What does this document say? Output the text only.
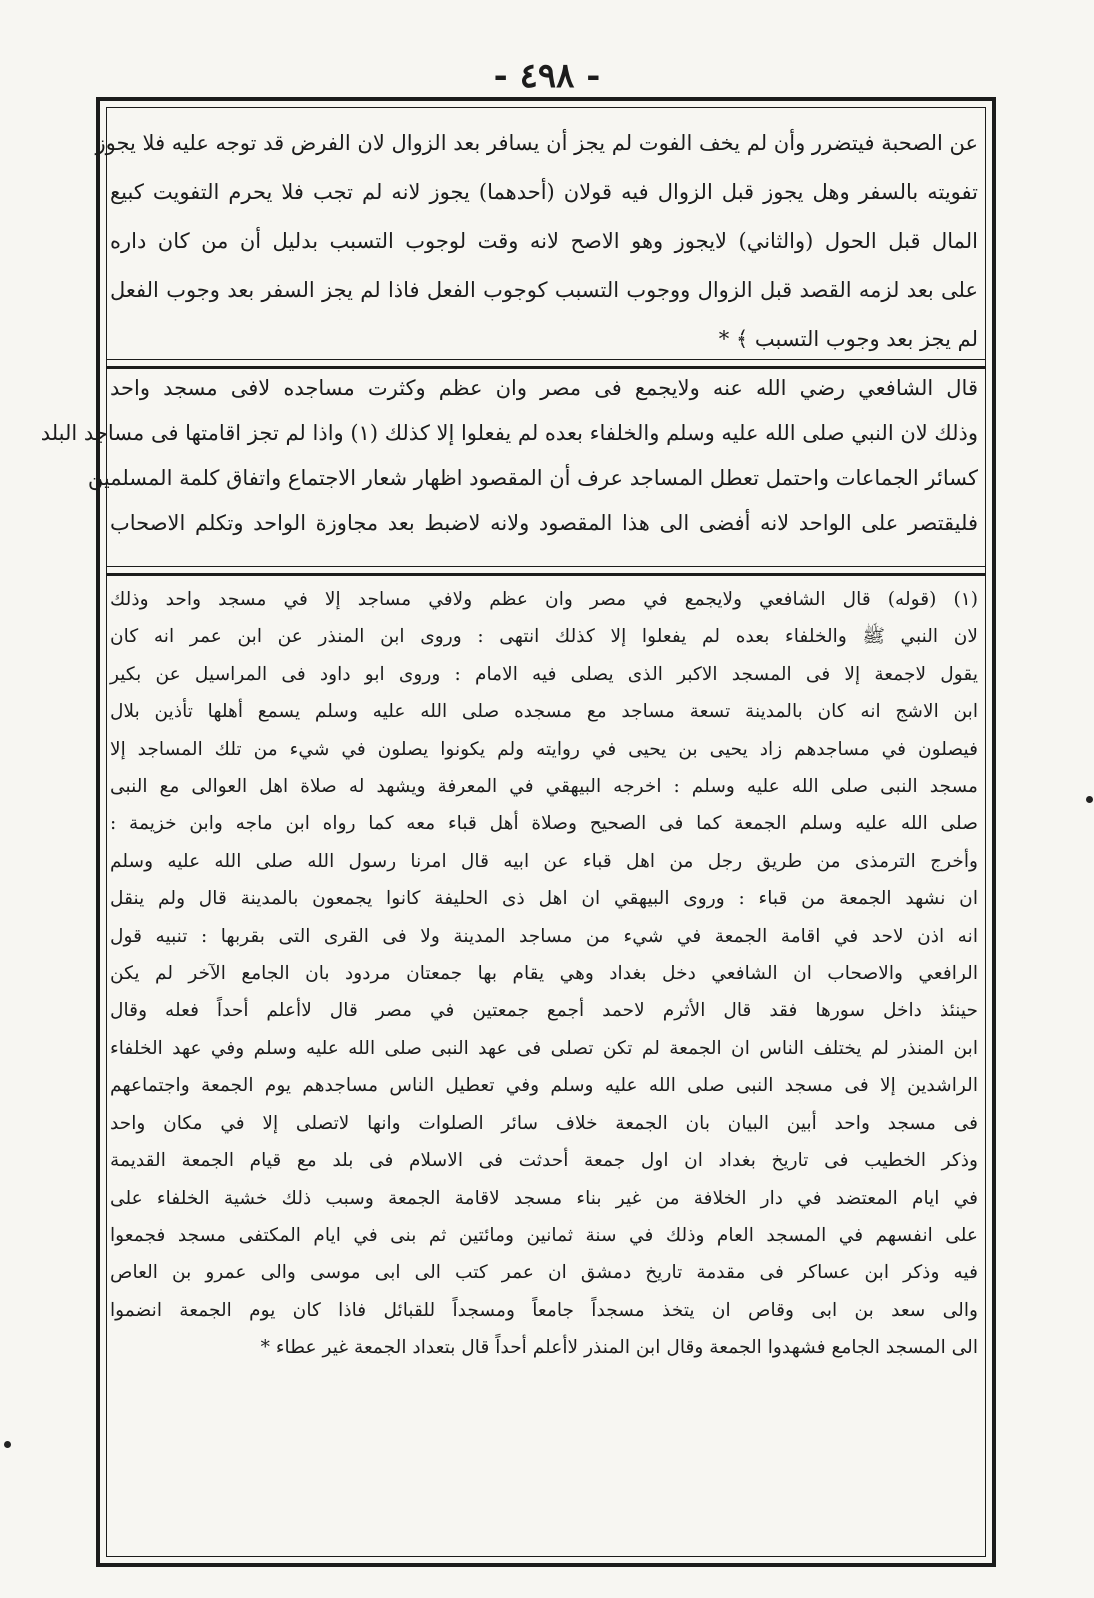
- ٤٩٨ -
عن الصحبة فيتضرر وأن لم يخف الفوت لم يجز أن يسافر بعد الزوال لان الفرض قد توجه عليه فلا يجوز
تفويته بالسفر وهل يجوز قبل الزوال فيه قولان (أحدهما) يجوز لانه لم تجب فلا يحرم التفويت كبيع
المال قبل الحول (والثاني) لايجوز وهو الاصح لانه وقت لوجوب التسبب بدليل أن من كان داره
على بعد لزمه القصد قبل الزوال ووجوب التسبب كوجوب الفعل فاذا لم يجز السفر بعد وجوب الفعل
لم يجز بعد وجوب التسبب ﴾ *
قال الشافعي رضي الله عنه ولايجمع فى مصر وان عظم وكثرت مساجده لافى مسجد واحد
وذلك لان النبي صلى الله عليه وسلم والخلفاء بعده لم يفعلوا إلا كذلك (١) واذا لم تجز اقامتها فى مساجد البلد
كسائر الجماعات واحتمل تعطل المساجد عرف أن المقصود اظهار شعار الاجتماع واتفاق كلمة المسلمين
فليقتصر على الواحد لانه أفضى الى هذا المقصود ولانه لاضبط بعد مجاوزة الواحد وتكلم الاصحاب
(١) (قوله) قال الشافعي ولايجمع في مصر وان عظم ولافي مساجد إلا في مسجد واحد وذلك
لان النبي ﷺ والخلفاء بعده لم يفعلوا إلا كذلك انتهى : وروى ابن المنذر عن ابن عمر انه كان
يقول لاجمعة إلا فى المسجد الاكبر الذى يصلى فيه الامام : وروى ابو داود فى المراسيل عن بكير
ابن الاشج انه كان بالمدينة تسعة مساجد مع مسجده صلى الله عليه وسلم يسمع أهلها تأذين بلال
فيصلون في مساجدهم زاد يحيى بن يحيى في روايته ولم يكونوا يصلون في شيء من تلك المساجد إلا
مسجد النبى صلى الله عليه وسلم : اخرجه البيهقي في المعرفة ويشهد له صلاة اهل العوالى مع النبى
صلى الله عليه وسلم الجمعة كما فى الصحيح وصلاة أهل قباء معه كما رواه ابن ماجه وابن خزيمة :
وأخرج الترمذى من طريق رجل من اهل قباء عن ابيه قال امرنا رسول الله صلى الله عليه وسلم
ان نشهد الجمعة من قباء : وروى البيهقي ان اهل ذى الحليفة كانوا يجمعون بالمدينة قال ولم ينقل
انه اذن لاحد في اقامة الجمعة في شيء من مساجد المدينة ولا فى القرى التى بقربها : تنبيه قول
الرافعي والاصحاب ان الشافعي دخل بغداد وهي يقام بها جمعتان مردود بان الجامع الآخر لم يكن
حينئذ داخل سورها فقد قال الأثرم لاحمد أجمع جمعتين في مصر قال لاأعلم أحداً فعله وقال
ابن المنذر لم يختلف الناس ان الجمعة لم تكن تصلى فى عهد النبى صلى الله عليه وسلم وفي عهد الخلفاء
الراشدين إلا فى مسجد النبى صلى الله عليه وسلم وفي تعطيل الناس مساجدهم يوم الجمعة واجتماعهم
فى مسجد واحد أبين البيان بان الجمعة خلاف سائر الصلوات وانها لاتصلى إلا في مكان واحد
وذكر الخطيب فى تاريخ بغداد ان اول جمعة أحدثت فى الاسلام فى بلد مع قيام الجمعة القديمة
في ايام المعتضد في دار الخلافة من غير بناء مسجد لاقامة الجمعة وسبب ذلك خشية الخلفاء على
على انفسهم في المسجد العام وذلك في سنة ثمانين ومائتين ثم بنى في ايام المكتفى مسجد فجمعوا
فيه وذكر ابن عساكر فى مقدمة تاريخ دمشق ان عمر كتب الى ابى موسى والى عمرو بن العاص
والى سعد بن ابى وقاص ان يتخذ مسجداً جامعاً ومسجداً للقبائل فاذا كان يوم الجمعة انضموا
الى المسجد الجامع فشهدوا الجمعة وقال ابن المنذر لاأعلم أحداً قال بتعداد الجمعة غير عطاء *
